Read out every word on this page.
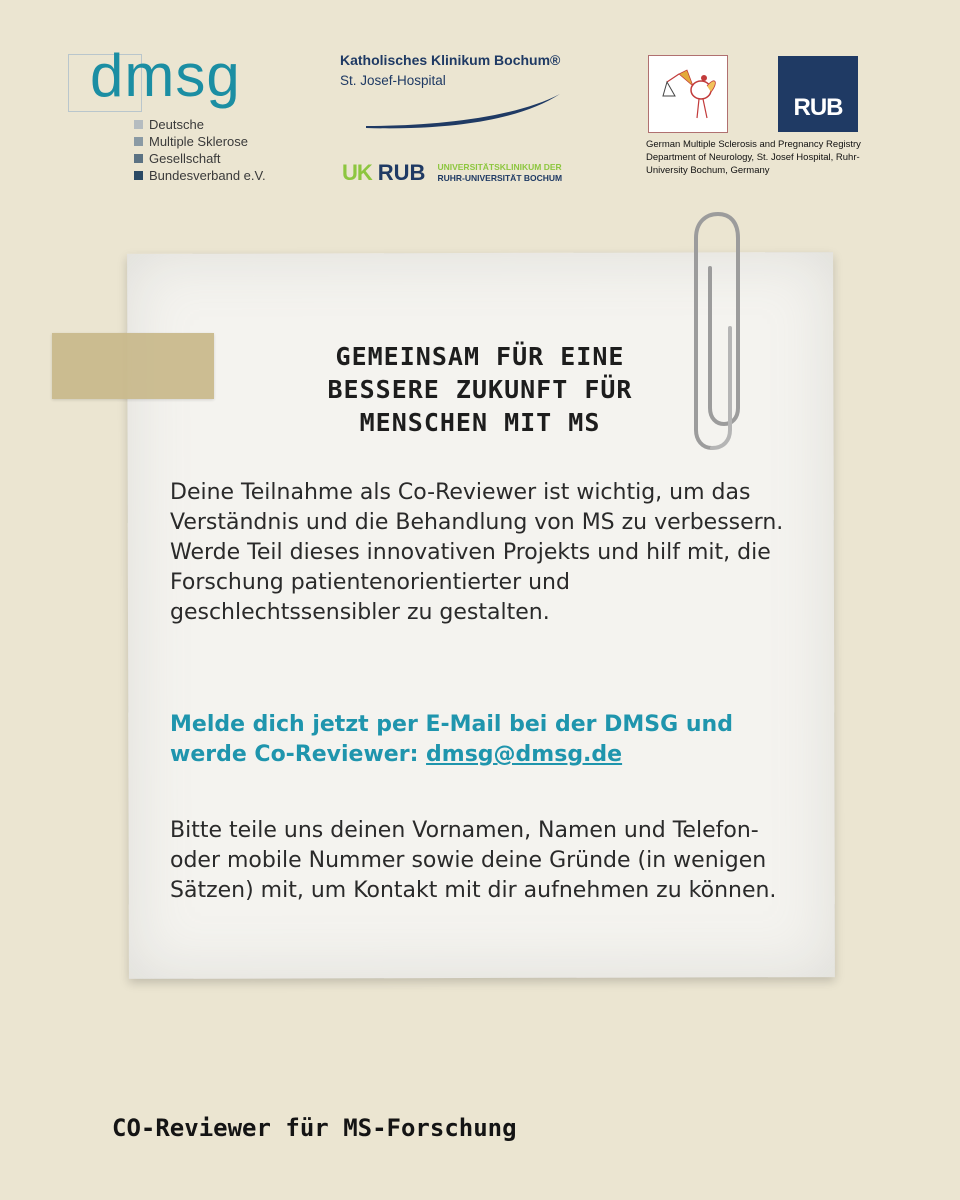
dmsg
Deutsche
Multiple Sklerose
Gesellschaft
Bundesverband e.V.
Katholisches Klinikum Bochum®
St. Josef-Hospital
UK RUB UNIVERSITÄTSKLINIKUM DER
RUHR-UNIVERSITÄT BOCHUM
RUB
German Multiple Sclerosis and Pregnancy Registry Department of Neurology, St. Josef Hospital, Ruhr-University Bochum, Germany
GEMEINSAM FÜR EINE
BESSERE ZUKUNFT FÜR
MENSCHEN MIT MS
Deine Teilnahme als Co-Reviewer ist wichtig, um das Verständnis und die Behandlung von MS zu verbessern. Werde Teil dieses innovativen Projekts und hilf mit, die Forschung patientenorientierter und geschlechtssensibler zu gestalten.
Melde dich jetzt per E-Mail bei der DMSG und werde Co-Reviewer: dmsg@dmsg.de
Bitte teile uns deinen Vornamen, Namen und Telefon- oder mobile Nummer sowie deine Gründe (in wenigen Sätzen) mit, um Kontakt mit dir aufnehmen zu können.
CO-Reviewer für MS-Forschung
